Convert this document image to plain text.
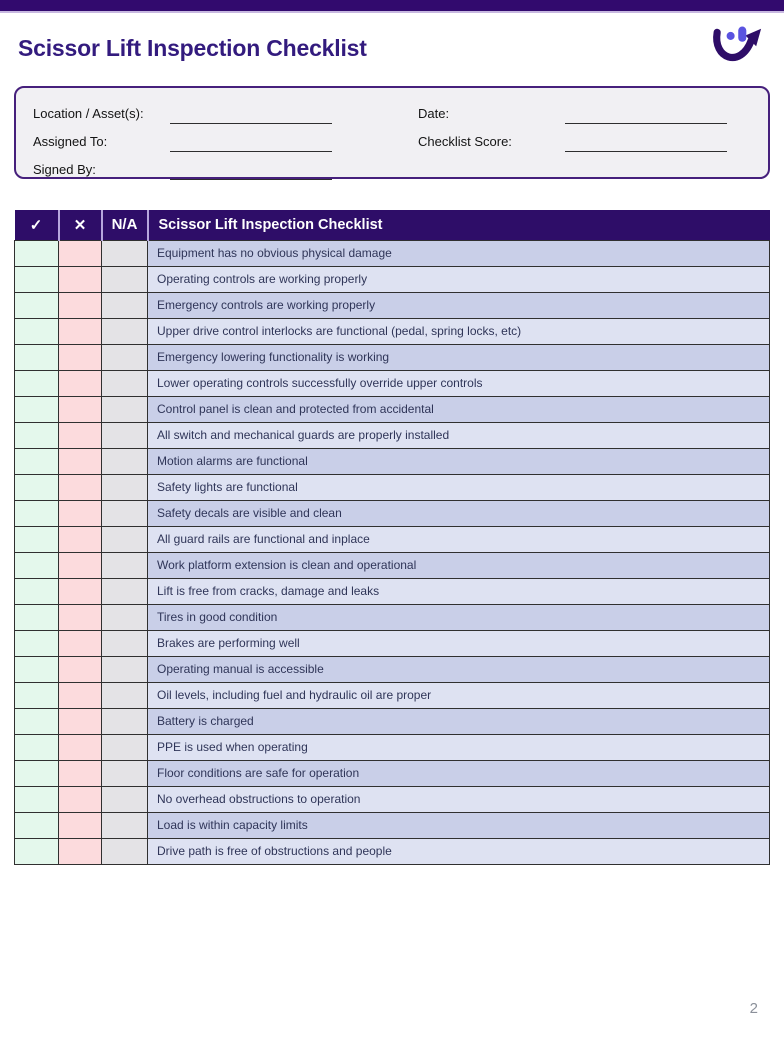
Scissor Lift Inspection Checklist
Location / Asset(s):
Assigned To:
Signed By:
Date:
Checklist Score:
✓	✕	N/A	Scissor Lift Inspection Checklist
			Equipment has no obvious physical damage
			Operating controls are working properly
			Emergency controls are working properly
			Upper drive control interlocks are functional (pedal, spring locks, etc)
			Emergency lowering functionality is working
			Lower operating controls successfully override upper controls
			Control panel is clean and protected from accidental
			All switch and mechanical guards are properly installed
			Motion alarms are functional
			Safety lights are functional
			Safety decals are visible and clean
			All guard rails are functional and inplace
			Work platform extension is clean and operational
			Lift is free from cracks, damage and leaks
			Tires in good condition
			Brakes are performing well
			Operating manual is accessible
			Oil levels, including fuel and hydraulic oil are proper
			Battery is charged
			PPE is used when operating
			Floor conditions are safe for operation
			No overhead obstructions to operation
			Load is within capacity limits
			Drive path is free of obstructions and people
2
